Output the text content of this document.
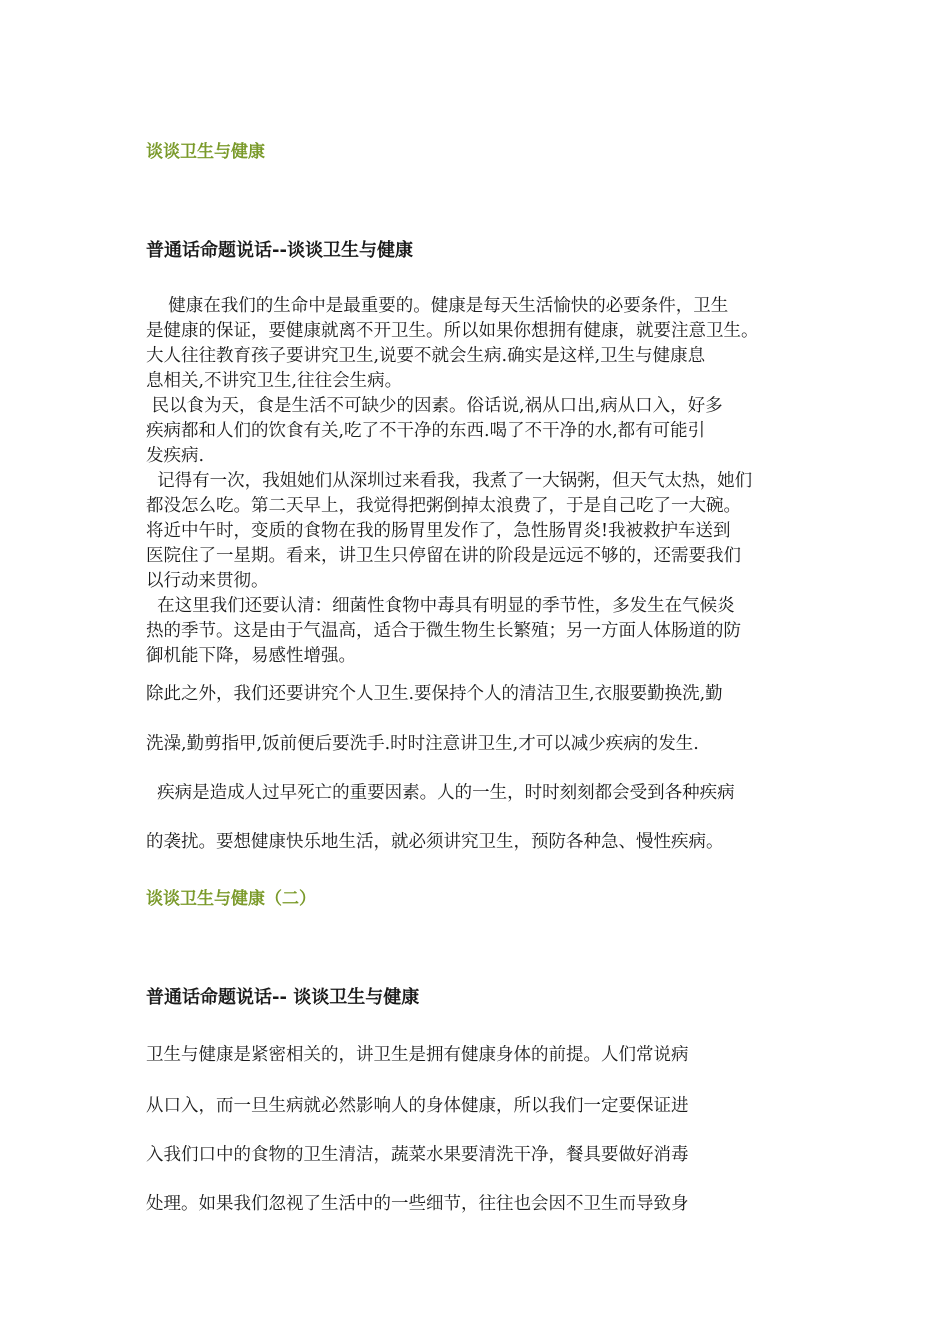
谈谈卫生与健康
普通话命题说话--谈谈卫生与健康

健康在我们的生命中是最重要的。健康是每天生活愉快的必要条件，卫生

是健康的保证，要健康就离不开卫生。所以如果你想拥有健康，就要注意卫生。

大人往往教育孩子要讲究卫生,说要不就会生病.确实是这样,卫生与健康息

息相关,不讲究卫生,往往会生病。

民以食为天，食是生活不可缺少的因素。俗话说,祸从口出,病从口入，好多

疾病都和人们的饮食有关,吃了不干净的东西.喝了不干净的水,都有可能引

发疾病.

记得有一次，我姐她们从深圳过来看我，我煮了一大锅粥，但天气太热，她们

都没怎么吃。第二天早上，我觉得把粥倒掉太浪费了，于是自己吃了一大碗。

将近中午时，变质的食物在我的肠胃里发作了，急性肠胃炎!我被救护车送到

医院住了一星期。看来，讲卫生只停留在讲的阶段是远远不够的，还需要我们

以行动来贯彻。

在这里我们还要认清：细菌性食物中毒具有明显的季节性，多发生在气候炎

热的季节。这是由于气温高，适合于微生物生长繁殖；另一方面人体肠道的防

御机能下降，易感性增强。

除此之外，我们还要讲究个人卫生.要保持个人的清洁卫生,衣服要勤换洗,勤

洗澡,勤剪指甲,饭前便后要洗手.时时注意讲卫生,才可以减少疾病的发生.

疾病是造成人过早死亡的重要因素。人的一生，时时刻刻都会受到各种疾病

的袭扰。要想健康快乐地生活，就必须讲究卫生，预防各种急、慢性疾病。

谈谈卫生与健康（二）
普通话命题说话-- 谈谈卫生与健康

卫生与健康是紧密相关的，讲卫生是拥有健康身体的前提。人们常说病

从口入，而一旦生病就必然影响人的身体健康，所以我们一定要保证进

入我们口中的食物的卫生清洁，蔬菜水果要清洗干净，餐具要做好消毒

处理。如果我们忽视了生活中的一些细节，往往也会因不卫生而导致身
